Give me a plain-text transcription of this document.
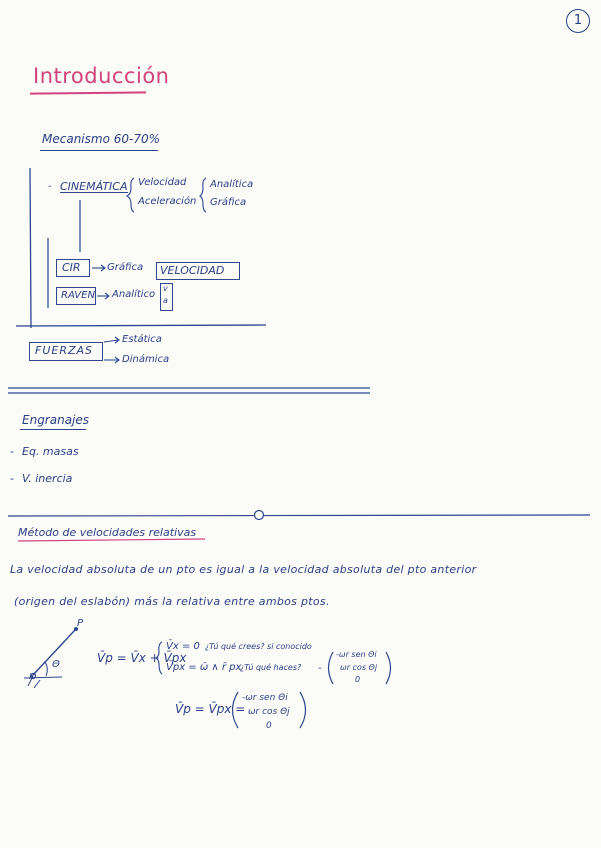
1
Introducción
Mecanismo 60-70%
- CINEMÁTICA Velocidad
Aceleración
Analítica
Gráfica
CIR	Gráfica VELOCIDAD
RAVEN Analítico
v
a
FUERZAS
Estática
Dinámica
Engranajes
- Eq. masas
- V. inercia
Método de velocidades relativas
La velocidad absoluta de un pto es igual a la velocidad absoluta del pto anterior
(origen del eslabón) más la relativa entre ambos ptos.
P
x
Θ	V̄p = V̄x + V̄px
V̄x = 0 ¿Tú qué crees? si conocido
V̄px = ω̄ ∧ r̄ px
¿Tú qué haces? -
-ωr sen Θi
ωr cos Θj
0
V̄p = V̄px =
-ωr sen Θi
ωr cos Θj
0
